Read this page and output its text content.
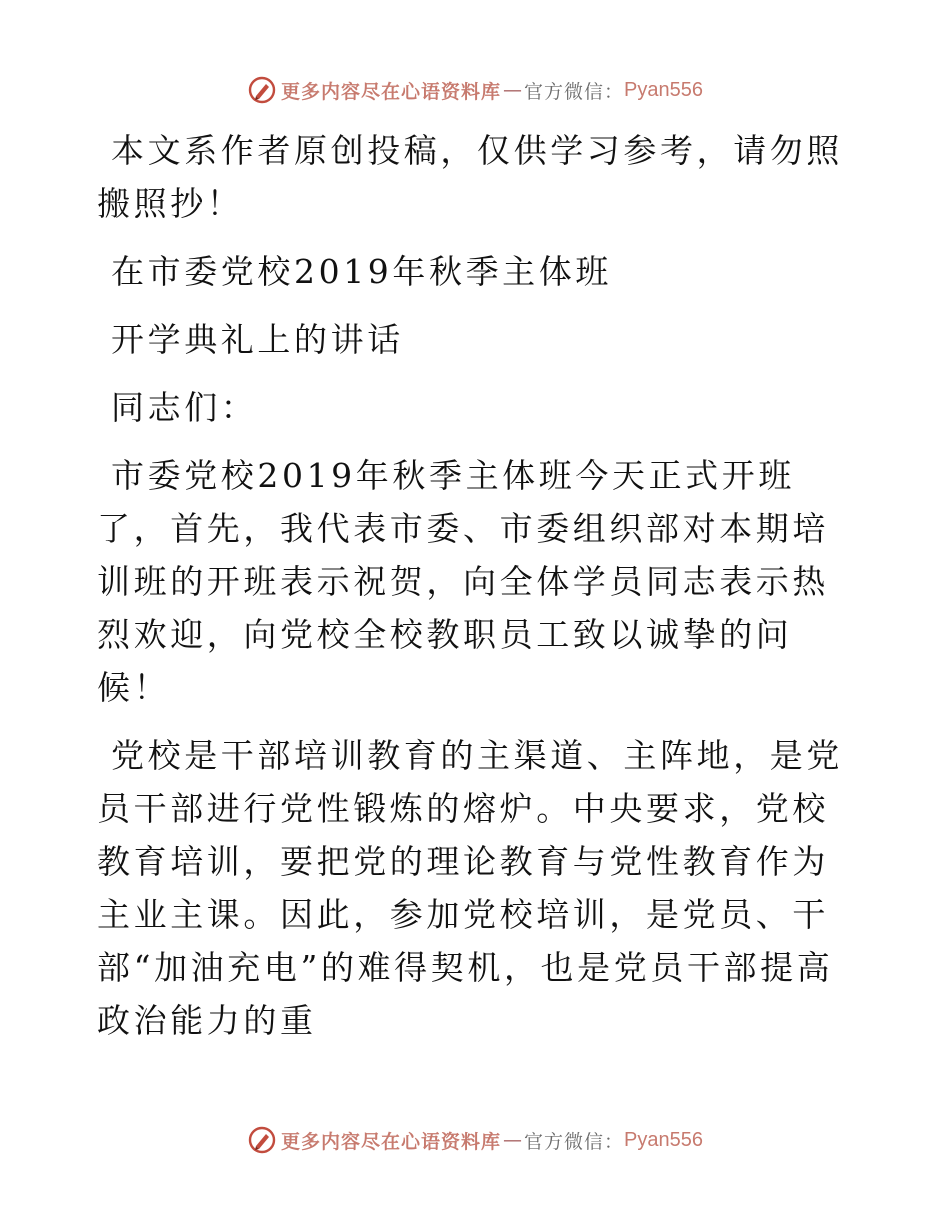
更多内容尽在心语资料库 — 官方微信： Pyan556

本文系作者原创投稿，仅供学习参考，请勿照搬照抄！

在市委党校2019年秋季主体班

开学典礼上的讲话

同志们：

市委党校2019年秋季主体班今天正式开班了，首先，我代表市委、市委组织部对本期培训班的开班表示祝贺，向全体学员同志表示热烈欢迎，向党校全校教职员工致以诚挚的问候！

党校是干部培训教育的主渠道、主阵地，是党员干部进行党性锻炼的熔炉。中央要求，党校教育培训，要把党的理论教育与党性教育作为主业主课。因此，参加党校培训，是党员、干部“加油充电”的难得契机，也是党员干部提高政治能力的重

更多内容尽在心语资料库 — 官方微信： Pyan556
